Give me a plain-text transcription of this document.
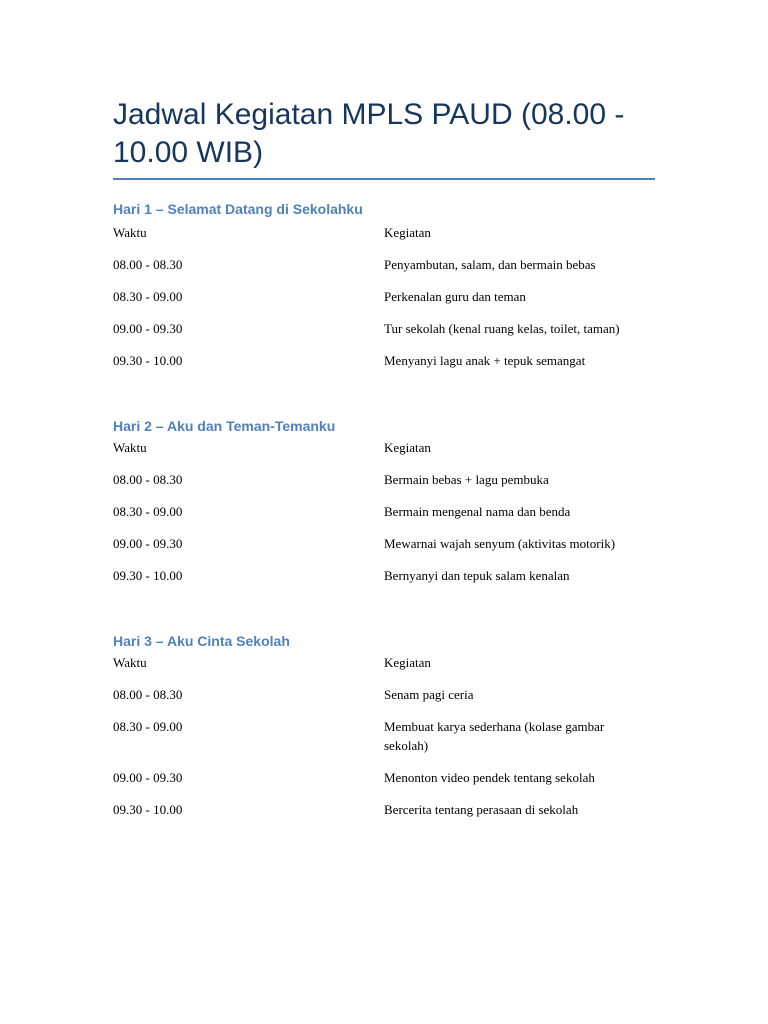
Jadwal Kegiatan MPLS PAUD (08.00 - 10.00 WIB)
Hari 1 – Selamat Datang di Sekolahku
Waktu	Kegiatan
08.00 - 08.30	Penyambutan, salam, dan bermain bebas
08.30 - 09.00	Perkenalan guru dan teman
09.00 - 09.30	Tur sekolah (kenal ruang kelas, toilet, taman)
09.30 - 10.00	Menyanyi lagu anak + tepuk semangat
Hari 2 – Aku dan Teman-Temanku
Waktu	Kegiatan
08.00 - 08.30	Bermain bebas + lagu pembuka
08.30 - 09.00	Bermain mengenal nama dan benda
09.00 - 09.30	Mewarnai wajah senyum (aktivitas motorik)
09.30 - 10.00	Bernyanyi dan tepuk salam kenalan
Hari 3 – Aku Cinta Sekolah
Waktu	Kegiatan
08.00 - 08.30	Senam pagi ceria
08.30 - 09.00	Membuat karya sederhana (kolase gambar sekolah)
09.00 - 09.30	Menonton video pendek tentang sekolah
09.30 - 10.00	Bercerita tentang perasaan di sekolah
